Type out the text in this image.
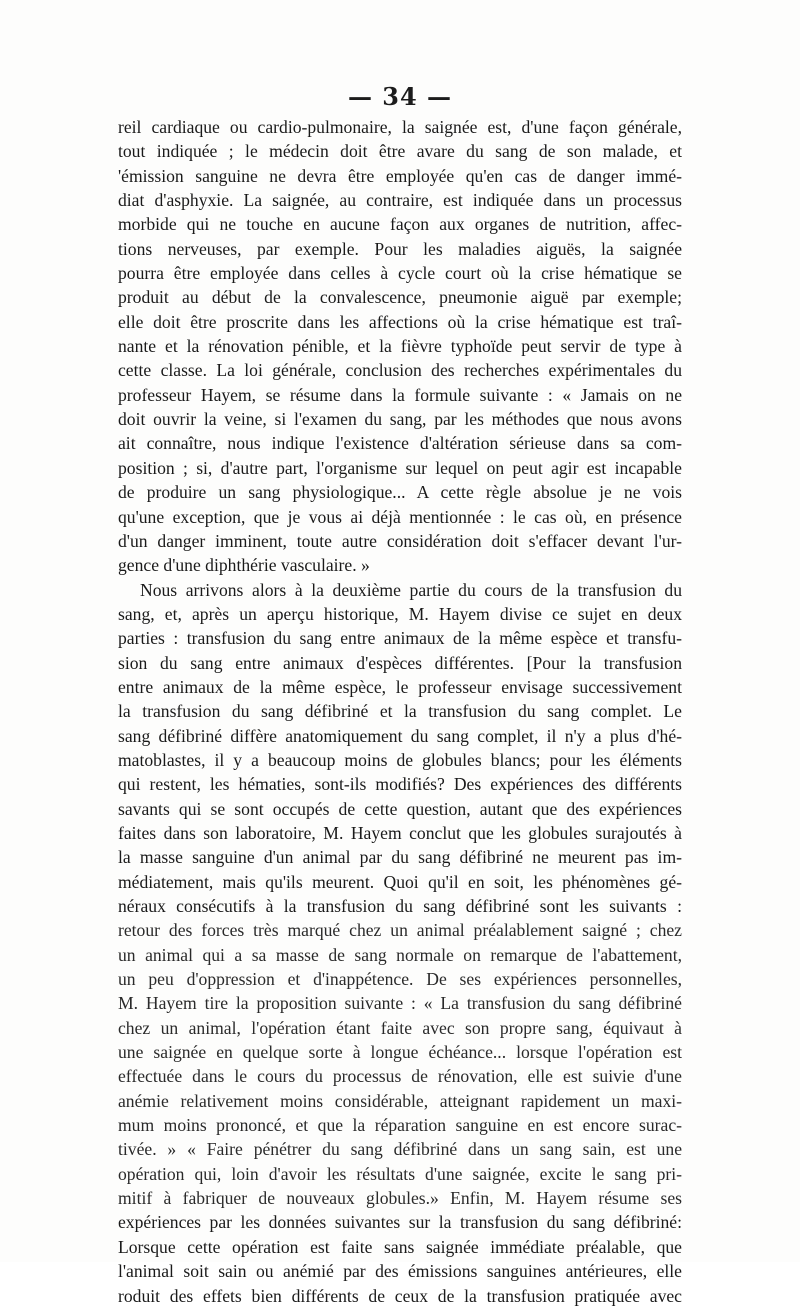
— 34 —
reil cardiaque ou cardio-pulmonaire, la saignée est, d'une façon générale,
tout indiquée ; le médecin doit être avare du sang de son malade, et
'émission sanguine ne devra être employée qu'en cas de danger immé-
diat d'asphyxie. La saignée, au contraire, est indiquée dans un processus
morbide qui ne touche en aucune façon aux organes de nutrition, affec-
tions nerveuses, par exemple. Pour les maladies aiguës, la saignée
pourra être employée dans celles à cycle court où la crise hématique se
produit au début de la convalescence, pneumonie aiguë par exemple;
elle doit être proscrite dans les affections où la crise hématique est traî-
nante et la rénovation pénible, et la fièvre typhoïde peut servir de type à
cette classe. La loi générale, conclusion des recherches expérimentales du
professeur Hayem, se résume dans la formule suivante : « Jamais on ne
doit ouvrir la veine, si l'examen du sang, par les méthodes que nous avons
ait connaître, nous indique l'existence d'altération sérieuse dans sa com-
position ; si, d'autre part, l'organisme sur lequel on peut agir est incapable
de produire un sang physiologique... A cette règle absolue je ne vois
qu'une exception, que je vous ai déjà mentionnée : le cas où, en présence
d'un danger imminent, toute autre considération doit s'effacer devant l'ur-
gence d'une diphthérie vasculaire. »
Nous arrivons alors à la deuxième partie du cours de la transfusion du
sang, et, après un aperçu historique, M. Hayem divise ce sujet en deux
parties : transfusion du sang entre animaux de la même espèce et transfu-
sion du sang entre animaux d'espèces différentes. [Pour la transfusion
entre animaux de la même espèce, le professeur envisage successivement
la transfusion du sang défibriné et la transfusion du sang complet. Le
sang défibriné diffère anatomiquement du sang complet, il n'y a plus d'hé-
matoblastes, il y a beaucoup moins de globules blancs; pour les éléments
qui restent, les hématies, sont-ils modifiés? Des expériences des différents
savants qui se sont occupés de cette question, autant que des expériences
faites dans son laboratoire, M. Hayem conclut que les globules surajoutés à
la masse sanguine d'un animal par du sang défibriné ne meurent pas im-
médiatement, mais qu'ils meurent. Quoi qu'il en soit, les phénomènes gé-
néraux consécutifs à la transfusion du sang défibriné sont les suivants :
retour des forces très marqué chez un animal préalablement saigné ; chez
un animal qui a sa masse de sang normale on remarque de l'abattement,
un peu d'oppression et d'inappétence. De ses expériences personnelles,
M. Hayem tire la proposition suivante : « La transfusion du sang défibriné
chez un animal, l'opération étant faite avec son propre sang, équivaut à
une saignée en quelque sorte à longue échéance... lorsque l'opération est
effectuée dans le cours du processus de rénovation, elle est suivie d'une
anémie relativement moins considérable, atteignant rapidement un maxi-
mum moins prononcé, et que la réparation sanguine en est encore surac-
tivée. » « Faire pénétrer du sang défibriné dans un sang sain, est une
opération qui, loin d'avoir les résultats d'une saignée, excite le sang pri-
mitif à fabriquer de nouveaux globules.» Enfin, M. Hayem résume ses
expériences par les données suivantes sur la transfusion du sang défibriné:
Lorsque cette opération est faite sans saignée immédiate préalable, que
l'animal soit sain ou anémié par des émissions sanguines antérieures, elle
roduit des effets bien différents de ceux de la transfusion pratiquée avec
